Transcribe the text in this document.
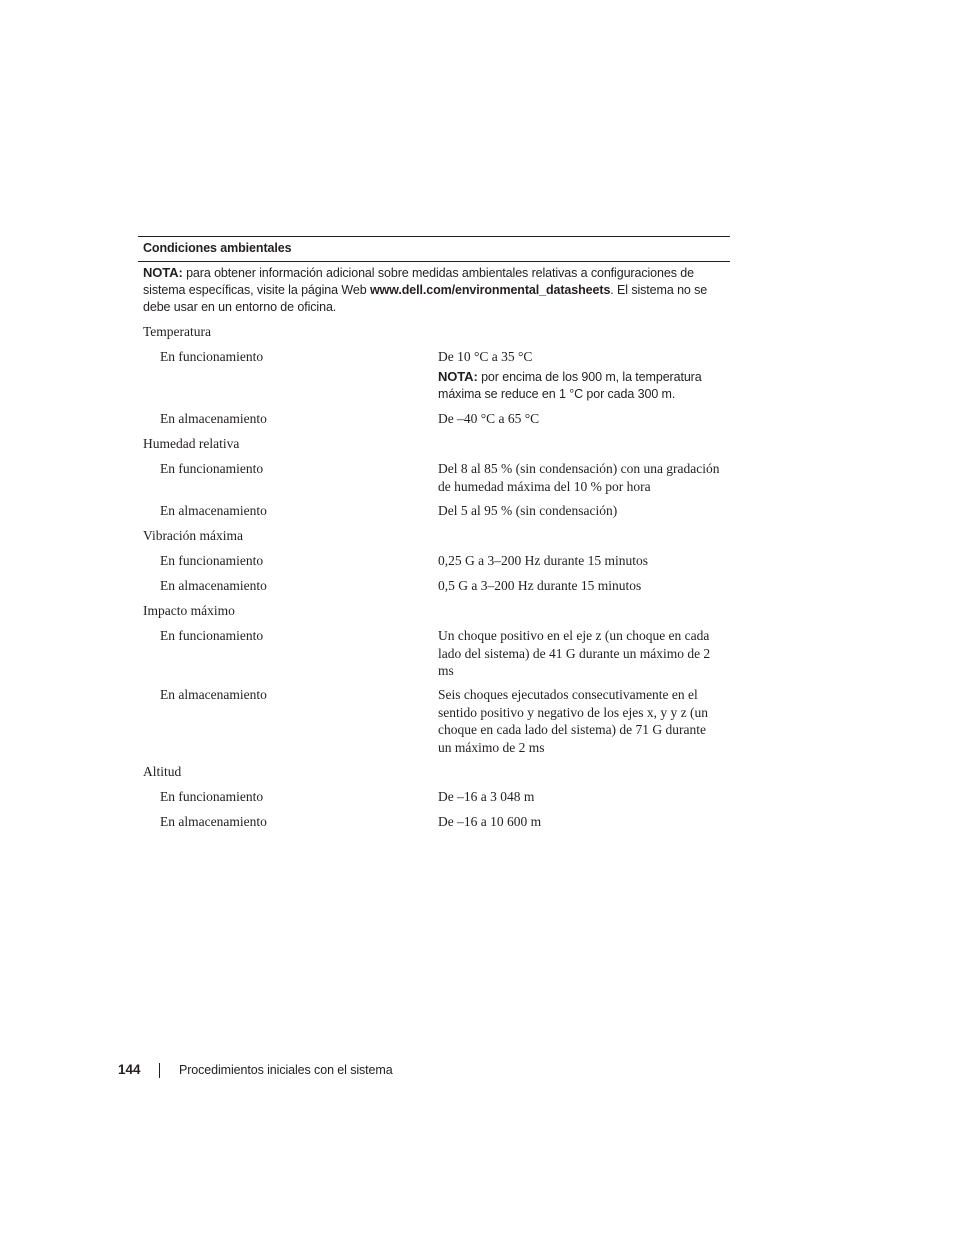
Condiciones ambientales
NOTA: para obtener información adicional sobre medidas ambientales relativas a configuraciones de sistema específicas, visite la página Web www.dell.com/environmental_datasheets. El sistema no se debe usar en un entorno de oficina.
Temperatura
En funcionamiento	De 10 °C a 35 °C
NOTA: por encima de los 900 m, la temperatura máxima se reduce en 1 °C por cada 300 m.
En almacenamiento	De –40 °C a 65 °C
Humedad relativa
En funcionamiento	Del 8 al 85 % (sin condensación) con una gradación de humedad máxima del 10 % por hora
En almacenamiento	Del 5 al 95 % (sin condensación)
Vibración máxima
En funcionamiento	0,25 G a 3–200 Hz durante 15 minutos
En almacenamiento	0,5 G a 3–200 Hz durante 15 minutos
Impacto máximo
En funcionamiento	Un choque positivo en el eje z (un choque en cada lado del sistema) de 41 G durante un máximo de 2 ms
En almacenamiento	Seis choques ejecutados consecutivamente en el sentido positivo y negativo de los ejes x, y y z (un choque en cada lado del sistema) de 71 G durante un máximo de 2 ms
Altitud
En funcionamiento	De –16 a 3 048 m
En almacenamiento	De –16 a 10 600 m
144	Procedimientos iniciales con el sistema
